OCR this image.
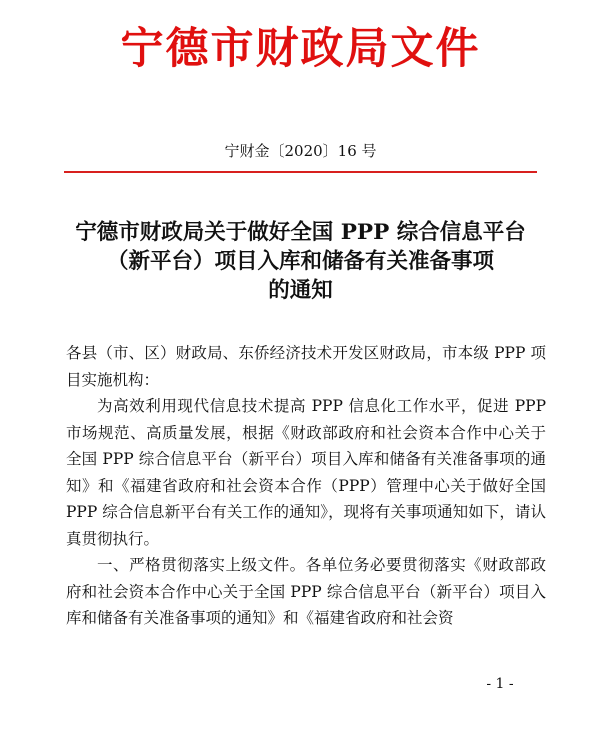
宁德市财政局文件
宁财金〔2020〕16 号
宁德市财政局关于做好全国 PPP 综合信息平台
（新平台）项目入库和储备有关准备事项
的通知

各县（市、区）财政局、东侨经济技术开发区财政局，市本级 PPP 项目实施机构：

为高效利用现代信息技术提高 PPP 信息化工作水平，促进 PPP 市场规范、高质量发展，根据《财政部政府和社会资本合作中心关于全国 PPP 综合信息平台（新平台）项目入库和储备有关准备事项的通知》和《福建省政府和社会资本合作（PPP）管理中心关于做好全国 PPP 综合信息新平台有关工作的通知》，现将有关事项通知如下，请认真贯彻执行。

一、严格贯彻落实上级文件。各单位务必要贯彻落实《财政部政府和社会资本合作中心关于全国 PPP 综合信息平台（新平台）项目入库和储备有关准备事项的通知》和《福建省政府和社会资

- 1 -
